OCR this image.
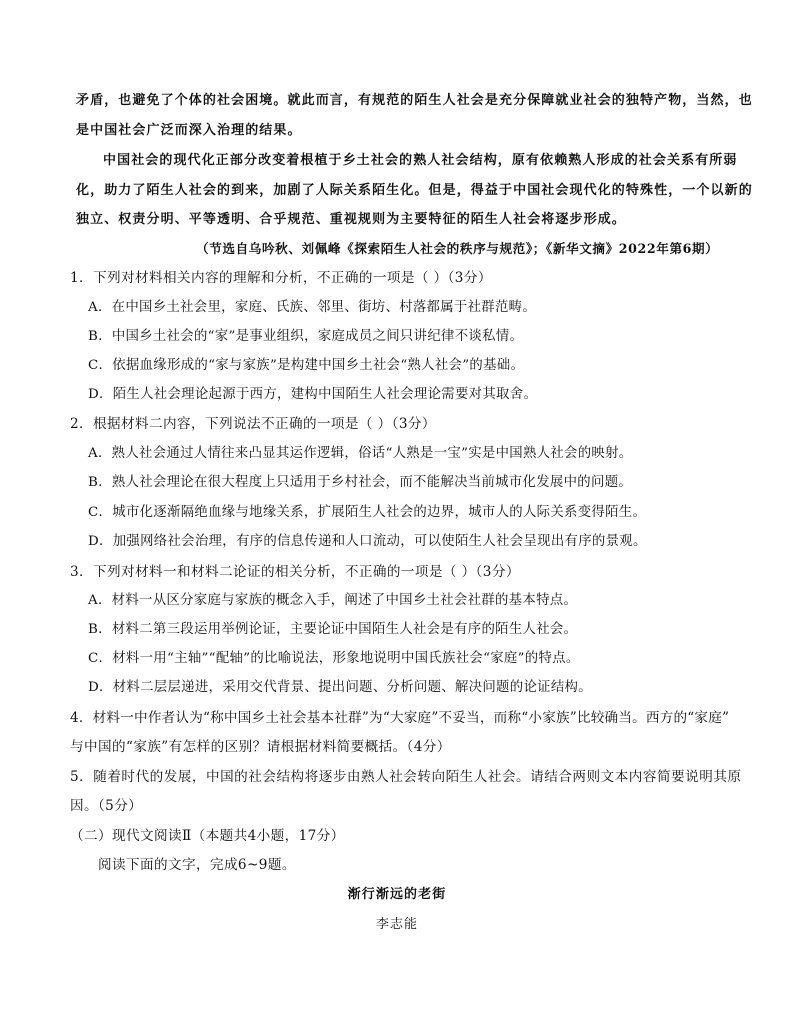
矛盾，也避免了个体的社会困境。就此而言，有规范的陌生人社会是充分保障就业社会的独特产物，当然，也

是中国社会广泛而深入治理的结果。

中国社会的现代化正部分改变着根植于乡土社会的熟人社会结构，原有依赖熟人形成的社会关系有所弱

化，助力了陌生人社会的到来，加剧了人际关系陌生化。但是，得益于中国社会现代化的特殊性，一个以新的

独立、权责分明、平等透明、合乎规范、重视规则为主要特征的陌生人社会将逐步形成。

（节选自乌吟秋、刘佩峰《探索陌生人社会的秩序与规范》；《新华文摘》2022年第6期）

1．下列对材料相关内容的理解和分析，不正确的一项是（ ）（3分）

A．在中国乡土社会里，家庭、氏族、邻里、街坊、村落都属于社群范畴。

B．中国乡土社会的“家”是事业组织，家庭成员之间只讲纪律不谈私情。

C．依据血缘形成的“家与家族”是构建中国乡土社会“熟人社会”的基础。

D．陌生人社会理论起源于西方，建构中国陌生人社会理论需要对其取舍。

2．根据材料二内容，下列说法不正确的一项是（ ）（3分）

A．熟人社会通过人情往来凸显其运作逻辑，俗话“人熟是一宝”实是中国熟人社会的映射。

B．熟人社会理论在很大程度上只适用于乡村社会，而不能解决当前城市化发展中的问题。

C．城市化逐渐隔绝血缘与地缘关系，扩展陌生人社会的边界，城市人的人际关系变得陌生。

D．加强网络社会治理，有序的信息传递和人口流动，可以使陌生人社会呈现出有序的景观。

3．下列对材料一和材料二论证的相关分析，不正确的一项是（ ）（3分）

A．材料一从区分家庭与家族的概念入手，阐述了中国乡土社会社群的基本特点。

B．材料二第三段运用举例论证，主要论证中国陌生人社会是有序的陌生人社会。

C．材料一用“主轴”“配轴”的比喻说法，形象地说明中国氏族社会“家庭”的特点。

D．材料二层层递进，采用交代背景、提出问题、分析问题、解决问题的论证结构。

4．材料一中作者认为“称中国乡土社会基本社群”为“大家庭”不妥当，而称“小家族”比较确当。西方的“家庭”

与中国的“家族”有怎样的区别？请根据材料简要概括。（4分）

5．随着时代的发展，中国的社会结构将逐步由熟人社会转向陌生人社会。请结合两则文本内容简要说明其原

因。（5分）

（二）现代文阅读Ⅱ（本题共4小题，17分）

阅读下面的文字，完成6~9题。

渐行渐远的老街

李志能
